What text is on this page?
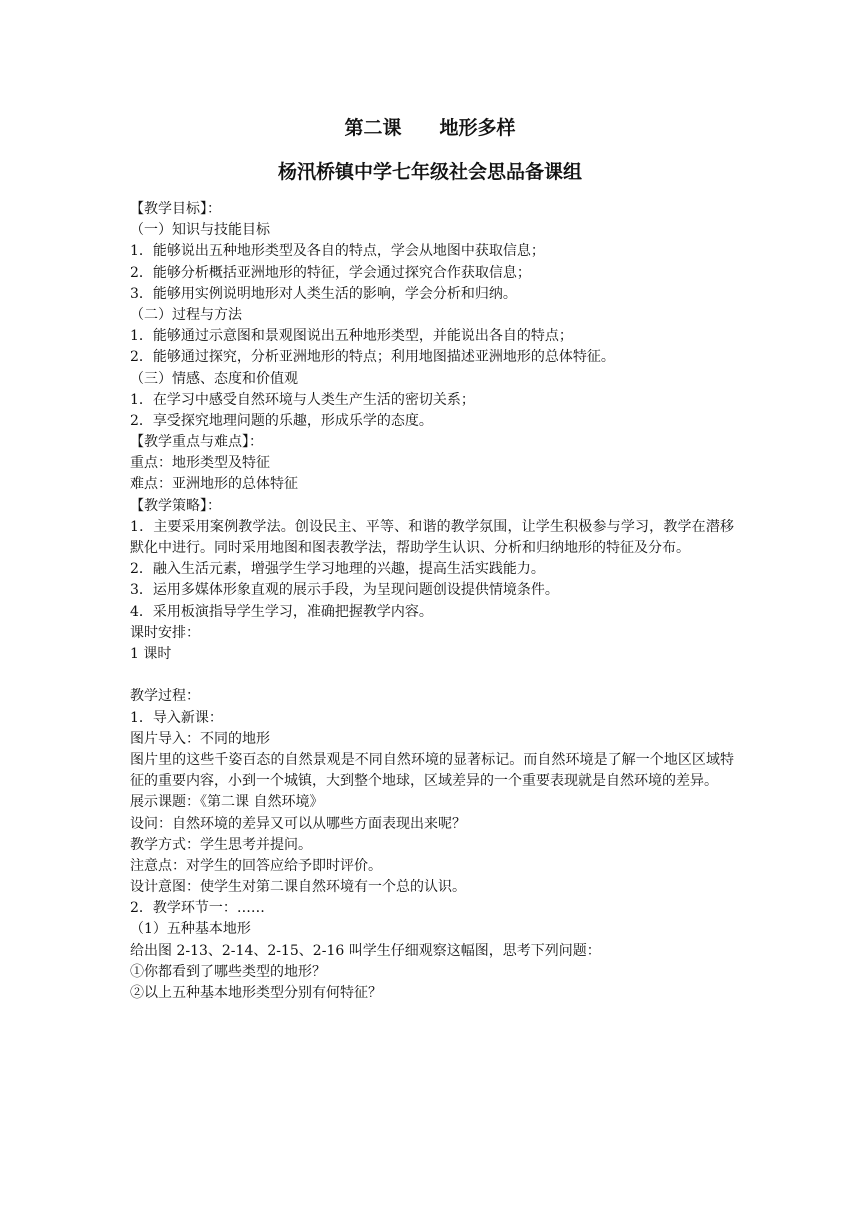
第二课　　地形多样
杨汛桥镇中学七年级社会思品备课组
【教学目标】：
（一）知识与技能目标
1．能够说出五种地形类型及各自的特点，学会从地图中获取信息；
2．能够分析概括亚洲地形的特征，学会通过探究合作获取信息；
3．能够用实例说明地形对人类生活的影响，学会分析和归纳。
（二）过程与方法
1．能够通过示意图和景观图说出五种地形类型，并能说出各自的特点；
2．能够通过探究，分析亚洲地形的特点；利用地图描述亚洲地形的总体特征。
（三）情感、态度和价值观
1．在学习中感受自然环境与人类生产生活的密切关系；
2．享受探究地理问题的乐趣，形成乐学的态度。
【教学重点与难点】：
重点：地形类型及特征
难点：亚洲地形的总体特征
【教学策略】：
1．主要采用案例教学法。创设民主、平等、和谐的教学氛围，让学生积极参与学习，教学在潜移默化中进行。同时采用地图和图表教学法，帮助学生认识、分析和归纳地形的特征及分布。
2．融入生活元素，增强学生学习地理的兴趣，提高生活实践能力。
3．运用多媒体形象直观的展示手段，为呈现问题创设提供情境条件。
4．采用板演指导学生学习，准确把握教学内容。
课时安排：
1 课时
教学过程：
1．导入新课：
图片导入：不同的地形
图片里的这些千姿百态的自然景观是不同自然环境的显著标记。而自然环境是了解一个地区区域特征的重要内容，小到一个城镇，大到整个地球，区域差异的一个重要表现就是自然环境的差异。
展示课题：《第二课 自然环境》
设问：自然环境的差异又可以从哪些方面表现出来呢？
教学方式：学生思考并提问。
注意点：对学生的回答应给予即时评价。
设计意图：使学生对第二课自然环境有一个总的认识。
2．教学环节一：……
（1）五种基本地形
给出图 2-13、2-14、2-15、2-16 叫学生仔细观察这幅图，思考下列问题：
①你都看到了哪些类型的地形？
②以上五种基本地形类型分别有何特征？
